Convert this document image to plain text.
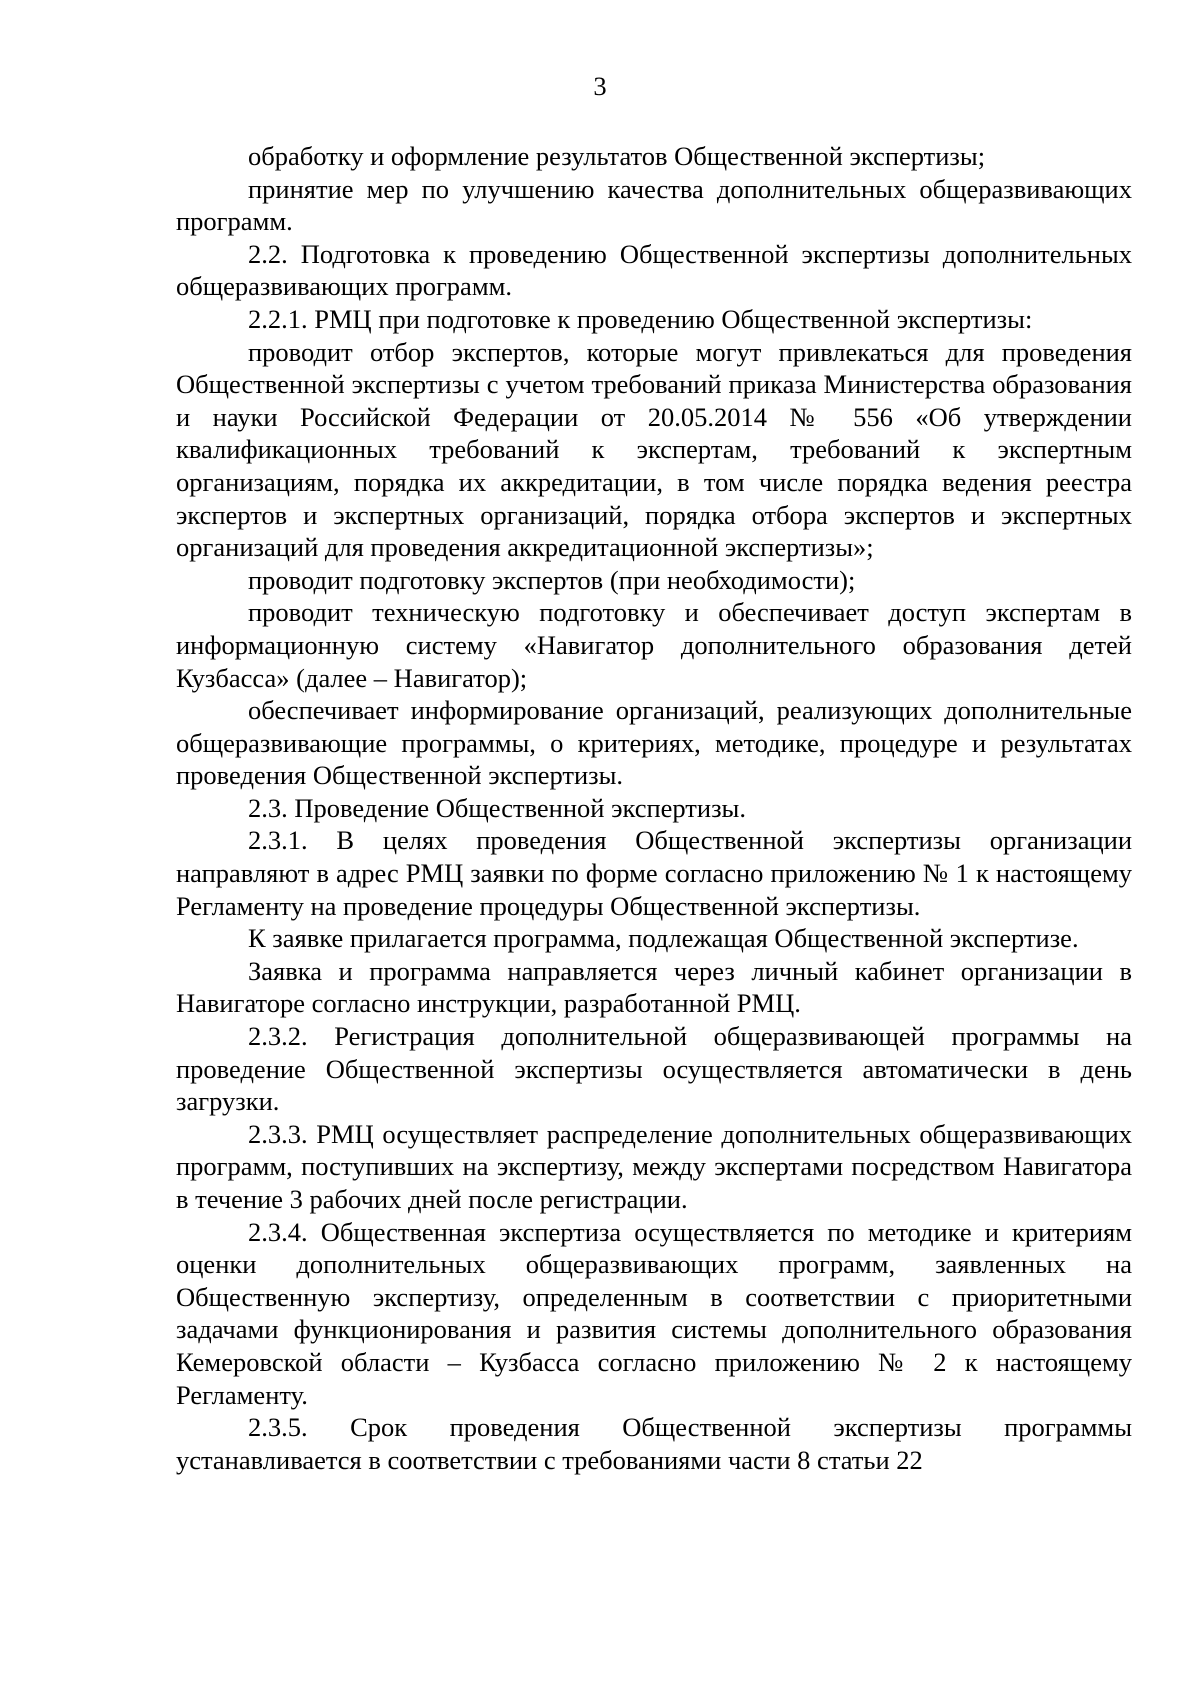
3

обработку и оформление результатов Общественной экспертизы;

принятие мер по улучшению качества дополнительных общеразвивающих программ.

2.2. Подготовка к проведению Общественной экспертизы дополнительных общеразвивающих программ.

2.2.1. РМЦ при подготовке к проведению Общественной экспертизы:

проводит отбор экспертов, которые могут привлекаться для проведения Общественной экспертизы с учетом требований приказа Министерства образования и науки Российской Федерации от 20.05.2014 № 556 «Об утверждении квалификационных требований к экспертам, требований к экспертным организациям, порядка их аккредитации, в том числе порядка ведения реестра экспертов и экспертных организаций, порядка отбора экспертов и экспертных организаций для проведения аккредитационной экспертизы»;

проводит подготовку экспертов (при необходимости);

проводит техническую подготовку и обеспечивает доступ экспертам в информационную систему «Навигатор дополнительного образования детей Кузбасса» (далее – Навигатор);

обеспечивает информирование организаций, реализующих дополнительные общеразвивающие программы, о критериях, методике, процедуре и результатах проведения Общественной экспертизы.

2.3. Проведение Общественной экспертизы.

2.3.1. В целях проведения Общественной экспертизы организации направляют в адрес РМЦ заявки по форме согласно приложению № 1 к настоящему Регламенту на проведение процедуры Общественной экспертизы.

К заявке прилагается программа, подлежащая Общественной экспертизе.

Заявка и программа направляется через личный кабинет организации в Навигаторе согласно инструкции, разработанной РМЦ.

2.3.2. Регистрация дополнительной общеразвивающей программы на проведение Общественной экспертизы осуществляется автоматически в день загрузки.

2.3.3. РМЦ осуществляет распределение дополнительных общеразвивающих программ, поступивших на экспертизу, между экспертами посредством Навигатора в течение 3 рабочих дней после регистрации.

2.3.4. Общественная экспертиза осуществляется по методике и критериям оценки дополнительных общеразвивающих программ, заявленных на Общественную экспертизу, определенным в соответствии с приоритетными задачами функционирования и развития системы дополнительного образования Кемеровской области – Кузбасса согласно приложению № 2 к настоящему Регламенту.

2.3.5. Срок проведения Общественной экспертизы программы устанавливается в соответствии с требованиями части 8 статьи 22
